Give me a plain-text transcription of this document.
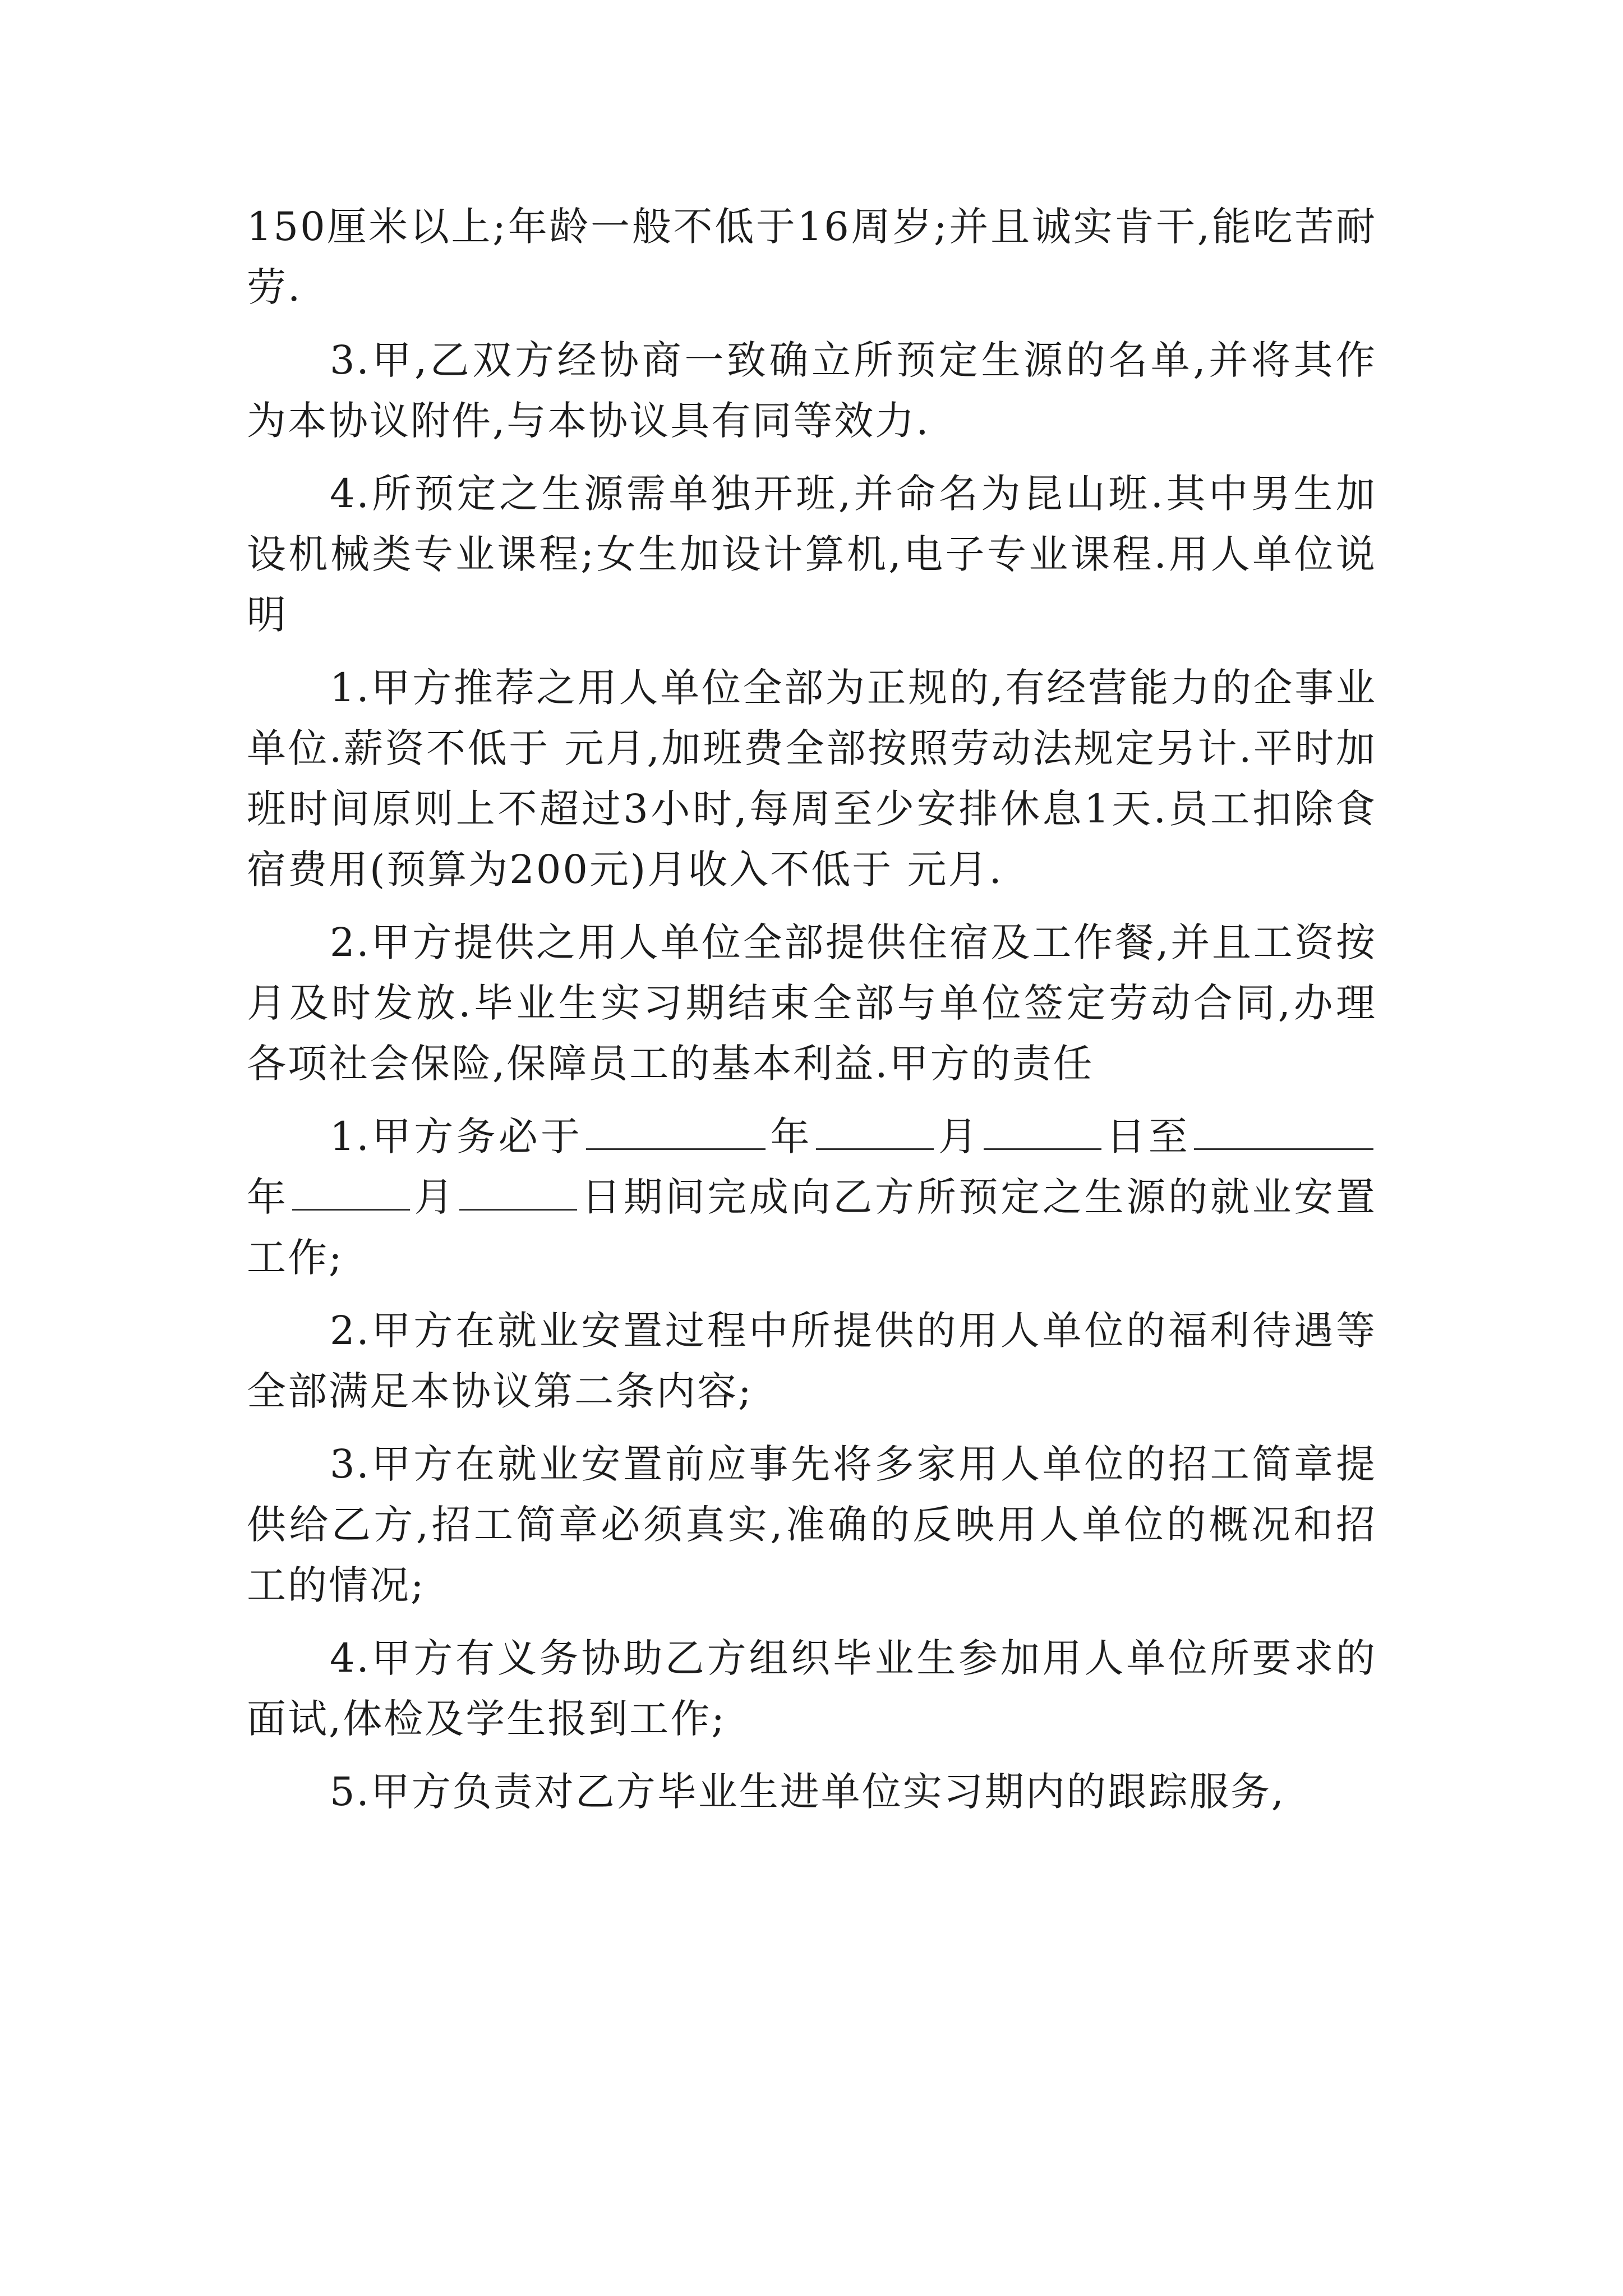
150厘米以上;年龄一般不低于16周岁;并且诚实肯干,能吃苦耐劳.

3.甲,乙双方经协商一致确立所预定生源的名单,并将其作为本协议附件,与本协议具有同等效力.

4.所预定之生源需单独开班,并命名为昆山班.其中男生加设机械类专业课程;女生加设计算机,电子专业课程.用人单位说明

1.甲方推荐之用人单位全部为正规的,有经营能力的企事业单位.薪资不低于 元月,加班费全部按照劳动法规定另计.平时加班时间原则上不超过3小时,每周至少安排休息1天.员工扣除食宿费用(预算为200元)月收入不低于 元月.

2.甲方提供之用人单位全部提供住宿及工作餐,并且工资按月及时发放.毕业生实习期结束全部与单位签定劳动合同,办理各项社会保险,保障员工的基本利益.甲方的责任

1.甲方务必于	年	月	日至年	月	日期间完成向乙方所预定之生源的就业安置工作;

2.甲方在就业安置过程中所提供的用人单位的福利待遇等全部满足本协议第二条内容;

3.甲方在就业安置前应事先将多家用人单位的招工简章提供给乙方,招工简章必须真实,准确的反映用人单位的概况和招工的情况;

4.甲方有义务协助乙方组织毕业生参加用人单位所要求的面试,体检及学生报到工作;

5.甲方负责对乙方毕业生进单位实习期内的跟踪服务,
